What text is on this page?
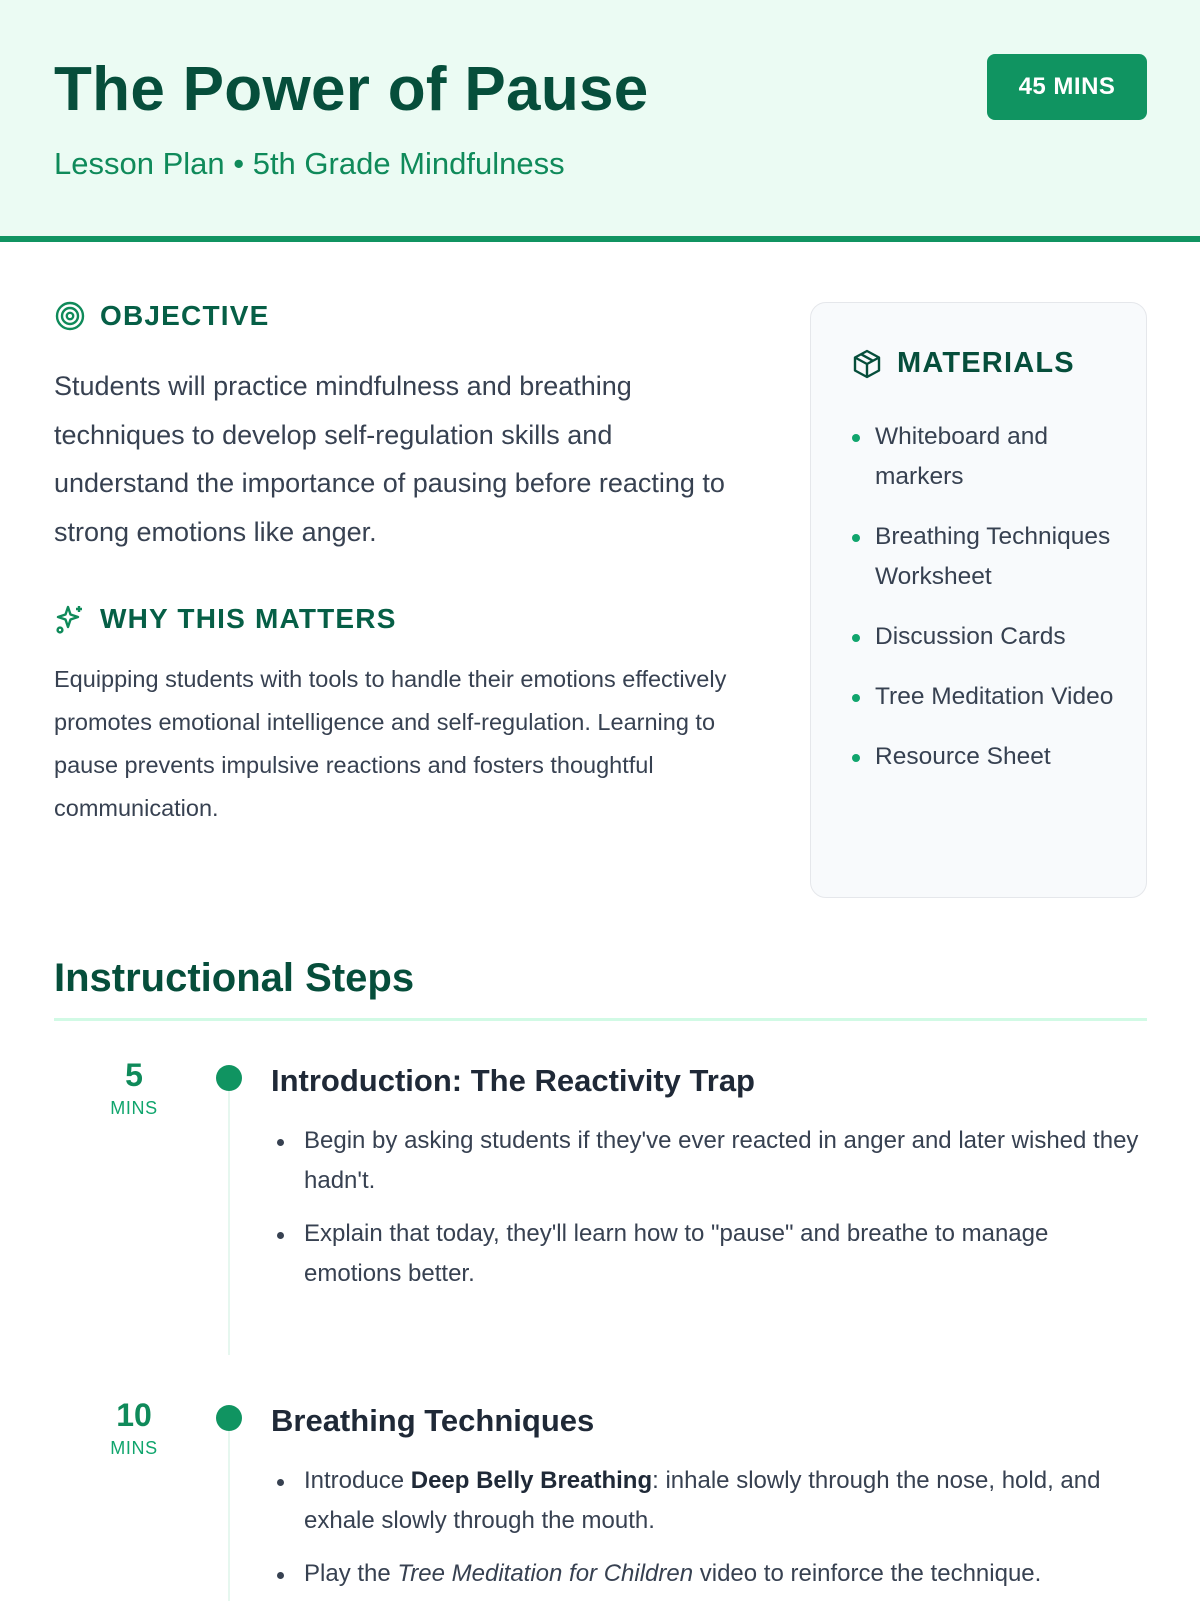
The Power of Pause

Lesson Plan • 5th Grade Mindfulness

45 MINS
OBJECTIVE

Students will practice mindfulness and breathing techniques to develop self-regulation skills and understand the importance of pausing before reacting to strong emotions like anger.

WHY THIS MATTERS

Equipping students with tools to handle their emotions effectively promotes emotional intelligence and self-regulation. Learning to pause prevents impulsive reactions and fosters thoughtful communication.

MATERIALS
Whiteboard and markers
Breathing Techniques Worksheet
Discussion Cards
Tree Meditation Video
Resource Sheet
Instructional Steps
5
MINS
Introduction: The Reactivity Trap
Begin by asking students if they've ever reacted in anger and later wished they hadn't.
Explain that today, they'll learn how to "pause" and breathe to manage emotions better.
10
MINS
Breathing Techniques
Introduce Deep Belly Breathing: inhale slowly through the nose, hold, and exhale slowly through the mouth.
Play the Tree Meditation for Children video to reinforce the technique.
